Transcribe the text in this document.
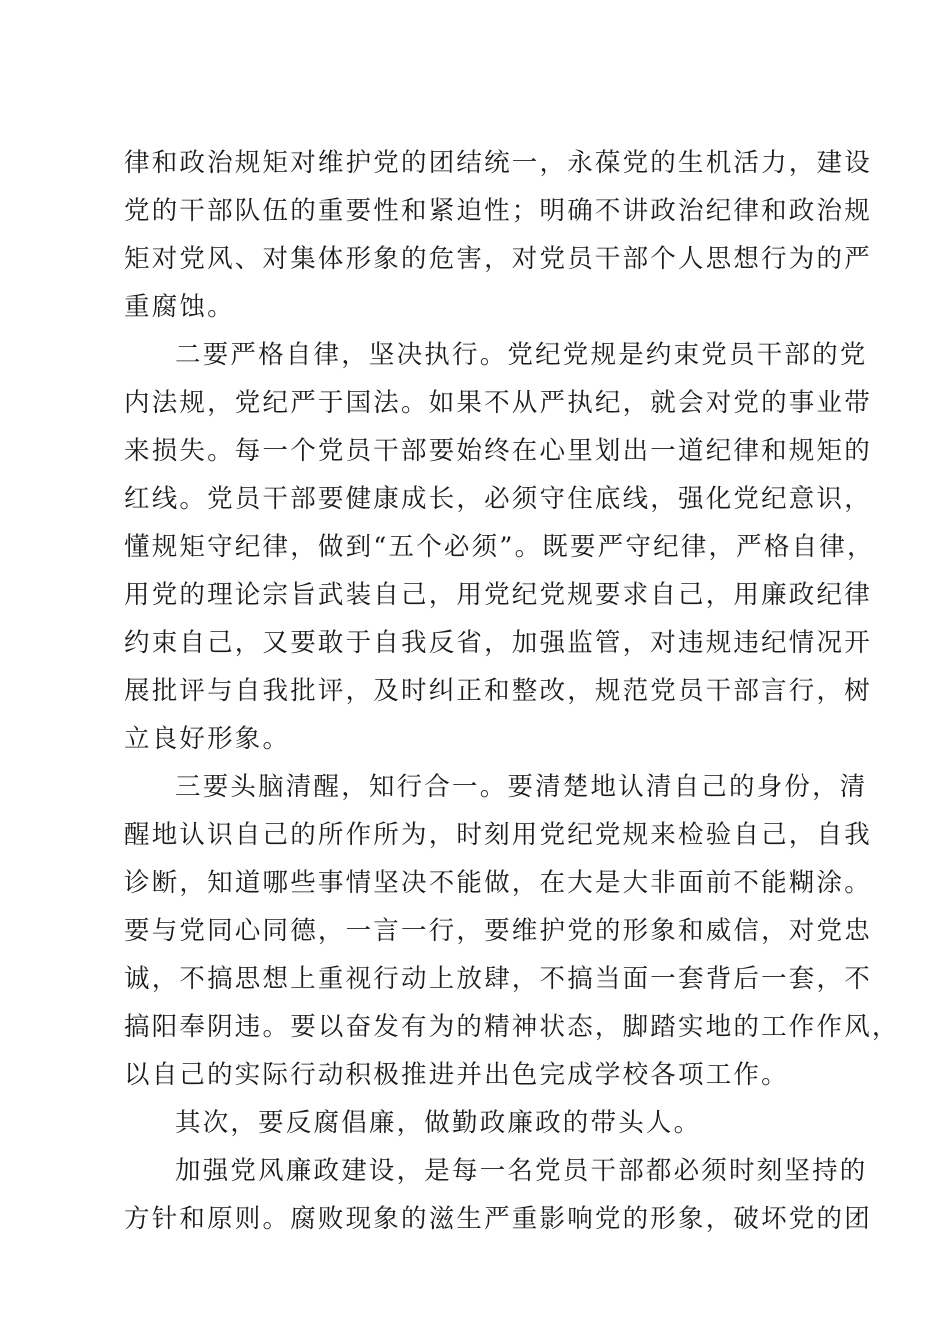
律和政治规矩对维护党的团结统一，永葆党的生机活力，建设
党的干部队伍的重要性和紧迫性；明确不讲政治纪律和政治规
矩对党风、对集体形象的危害，对党员干部个人思想行为的严
重腐蚀。
二要严格自律，坚决执行。党纪党规是约束党员干部的党
内法规，党纪严于国法。如果不从严执纪，就会对党的事业带
来损失。每一个党员干部要始终在心里划出一道纪律和规矩的
红线。党员干部要健康成长，必须守住底线，强化党纪意识，
懂规矩守纪律，做到“五个必须”。既要严守纪律，严格自律，
用党的理论宗旨武装自己，用党纪党规要求自己，用廉政纪律
约束自己，又要敢于自我反省，加强监管，对违规违纪情况开
展批评与自我批评，及时纠正和整改，规范党员干部言行，树
立良好形象。
三要头脑清醒，知行合一。要清楚地认清自己的身份，清
醒地认识自己的所作所为，时刻用党纪党规来检验自己，自我
诊断，知道哪些事情坚决不能做，在大是大非面前不能糊涂。
要与党同心同德，一言一行，要维护党的形象和威信，对党忠
诚，不搞思想上重视行动上放肆，不搞当面一套背后一套，不
搞阳奉阴违。要以奋发有为的精神状态，脚踏实地的工作作风，
以自己的实际行动积极推进并出色完成学校各项工作。
其次，要反腐倡廉，做勤政廉政的带头人。
加强党风廉政建设，是每一名党员干部都必须时刻坚持的
方针和原则。腐败现象的滋生严重影响党的形象，破坏党的团
